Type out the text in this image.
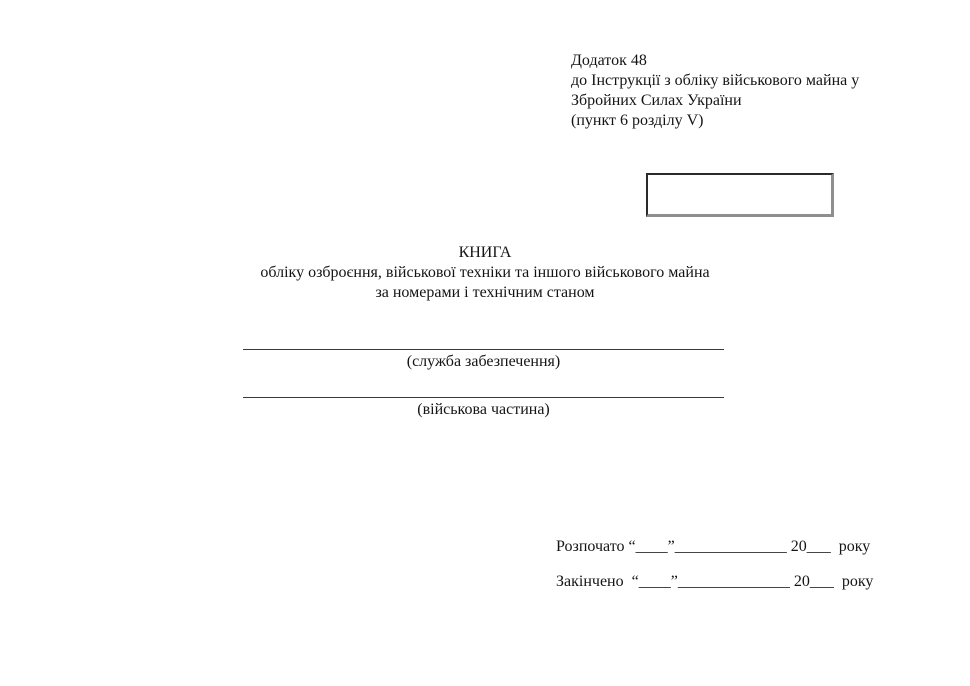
Додаток 48
до Інструкції з обліку військового майна у
Збройних Силах України
(пункт 6 розділу V)
КНИГА
обліку озброєння, військової техніки та іншого військового майна
за номерами і технічним станом
(служба забезпечення)
(військова частина)
Розпочато “____”______________ 20___  року
Закінчено  “____”______________ 20___  року
